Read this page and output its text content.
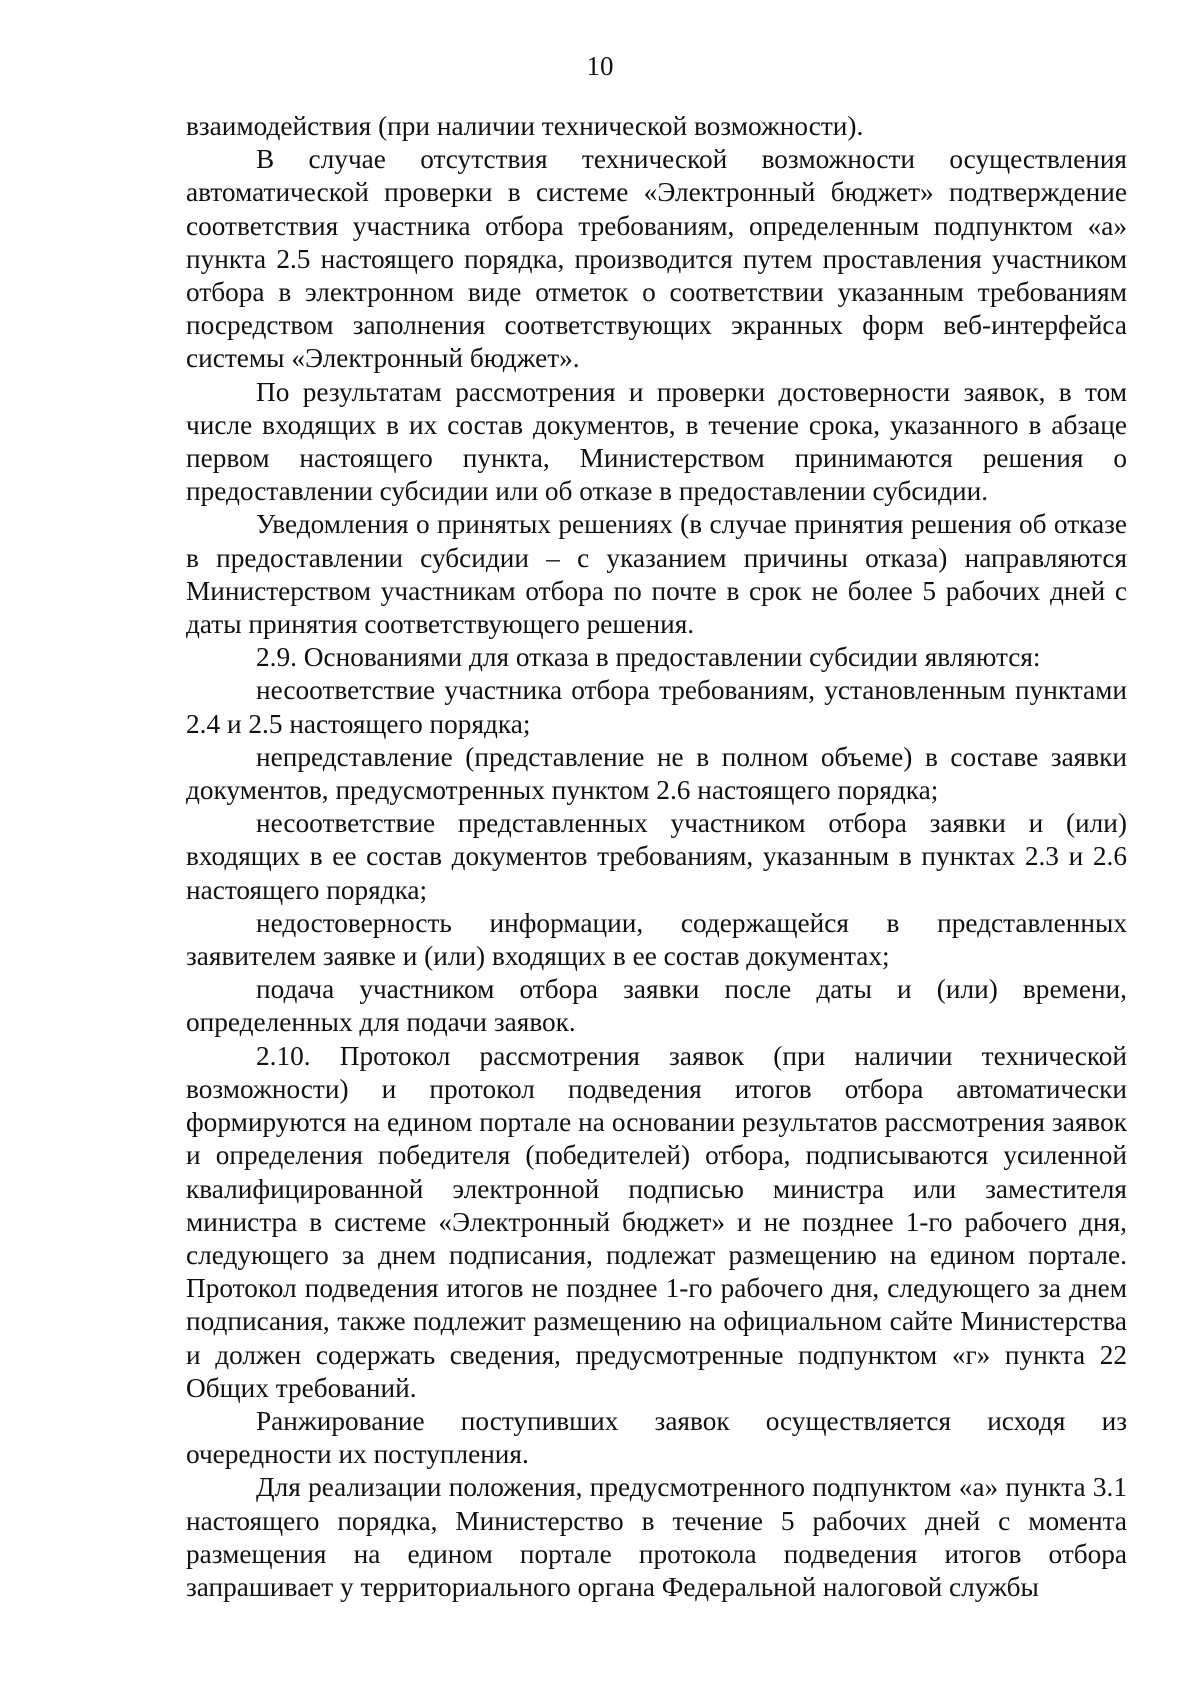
10

взаимодействия (при наличии технической возможности).

В случае отсутствия технической возможности осуществления автоматической проверки в системе «Электронный бюджет» подтверждение соответствия участника отбора требованиям, определенным подпунктом «а» пункта 2.5 настоящего порядка, производится путем проставления участником отбора в электронном виде отметок о соответствии указанным требованиям посредством заполнения соответствующих экранных форм веб-интерфейса системы «Электронный бюджет».

По результатам рассмотрения и проверки достоверности заявок, в том числе входящих в их состав документов, в течение срока, указанного в абзаце первом настоящего пункта, Министерством принимаются решения о предоставлении субсидии или об отказе в предоставлении субсидии.

Уведомления о принятых решениях (в случае принятия решения об отказе в предоставлении субсидии – с указанием причины отказа) направляются Министерством участникам отбора по почте в срок не более 5 рабочих дней с даты принятия соответствующего решения.

2.9. Основаниями для отказа в предоставлении субсидии являются:

несоответствие участника отбора требованиям, установленным пунктами 2.4 и 2.5 настоящего порядка;

непредставление (представление не в полном объеме) в составе заявки документов, предусмотренных пунктом 2.6 настоящего порядка;

несоответствие представленных участником отбора заявки и (или) входящих в ее состав документов требованиям, указанным в пунктах 2.3 и 2.6 настоящего порядка;

недостоверность информации, содержащейся в представленных заявителем заявке и (или) входящих в ее состав документах;

подача участником отбора заявки после даты и (или) времени, определенных для подачи заявок.

2.10. Протокол рассмотрения заявок (при наличии технической возможности) и протокол подведения итогов отбора автоматически формируются на едином портале на основании результатов рассмотрения заявок и определения победителя (победителей) отбора, подписываются усиленной квалифицированной электронной подписью министра или заместителя министра в системе «Электронный бюджет» и не позднее 1-го рабочего дня, следующего за днем подписания, подлежат размещению на едином портале. Протокол подведения итогов не позднее 1-го рабочего дня, следующего за днем подписания, также подлежит размещению на официальном сайте Министерства и должен содержать сведения, предусмотренные подпунктом «г» пункта 22 Общих требований.

Ранжирование поступивших заявок осуществляется исходя из очередности их поступления.

Для реализации положения, предусмотренного подпунктом «а» пункта 3.1 настоящего порядка, Министерство в течение 5 рабочих дней с момента размещения на едином портале протокола подведения итогов отбора запрашивает у территориального органа Федеральной налоговой службы
